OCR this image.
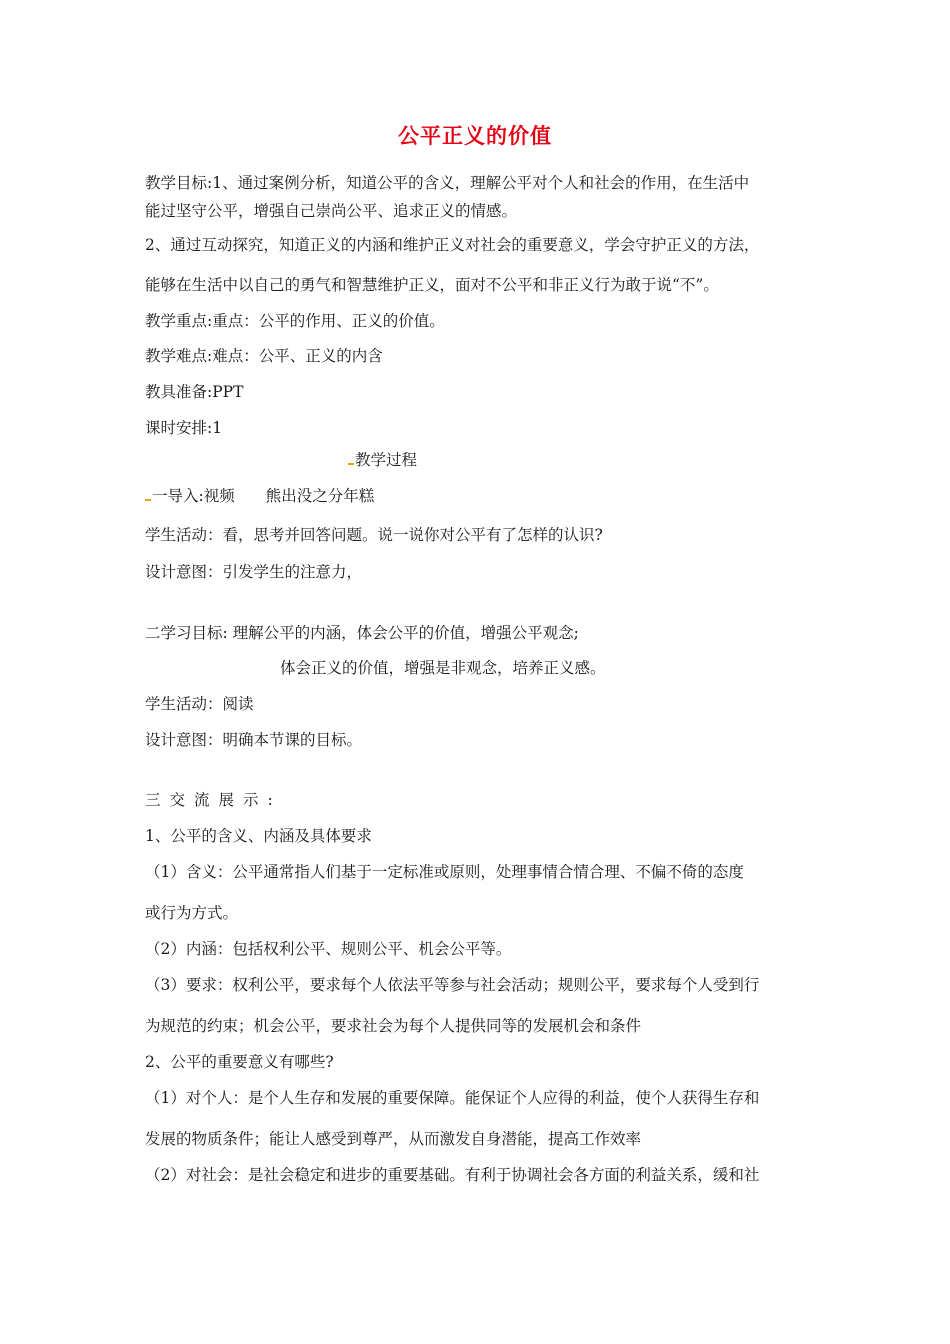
公平正义的价值
教学目标:1、通过案例分析，知道公平的含义，理解公平对个人和社会的作用，在生活中
能过坚守公平，增强自己崇尚公平、追求正义的情感。
2、通过互动探究，知道正义的内涵和维护正义对社会的重要意义，学会守护正义的方法，
能够在生活中以自己的勇气和智慧维护正义，面对不公平和非正义行为敢于说“不”。
教学重点:重点：公平的作用、正义的价值。
教学难点:难点：公平、正义的内含
教具准备:PPT
课时安排:1
教学过程
一导入:视频　　熊出没之分年糕
学生活动：看，思考并回答问题。说一说你对公平有了怎样的认识?
设计意图：引发学生的注意力，
二学习目标: 理解公平的内涵，体会公平的价值，增强公平观念;
体会正义的价值，增强是非观念，培养正义感。
学生活动：阅读
设计意图：明确本节课的目标。
三交流展示:
1、公平的含义、内涵及具体要求
（1）含义：公平通常指人们基于一定标准或原则，处理事情合情合理、不偏不倚的态度
或行为方式。
（2）内涵：包括权利公平、规则公平、机会公平等。
（3）要求：权利公平，要求每个人依法平等参与社会活动；规则公平，要求每个人受到行
为规范的约束；机会公平，要求社会为每个人提供同等的发展机会和条件
2、公平的重要意义有哪些?
（1）对个人：是个人生存和发展的重要保障。能保证个人应得的利益，使个人获得生存和
发展的物质条件；能让人感受到尊严，从而激发自身潜能，提高工作效率
（2）对社会：是社会稳定和进步的重要基础。有利于协调社会各方面的利益关系，缓和社
